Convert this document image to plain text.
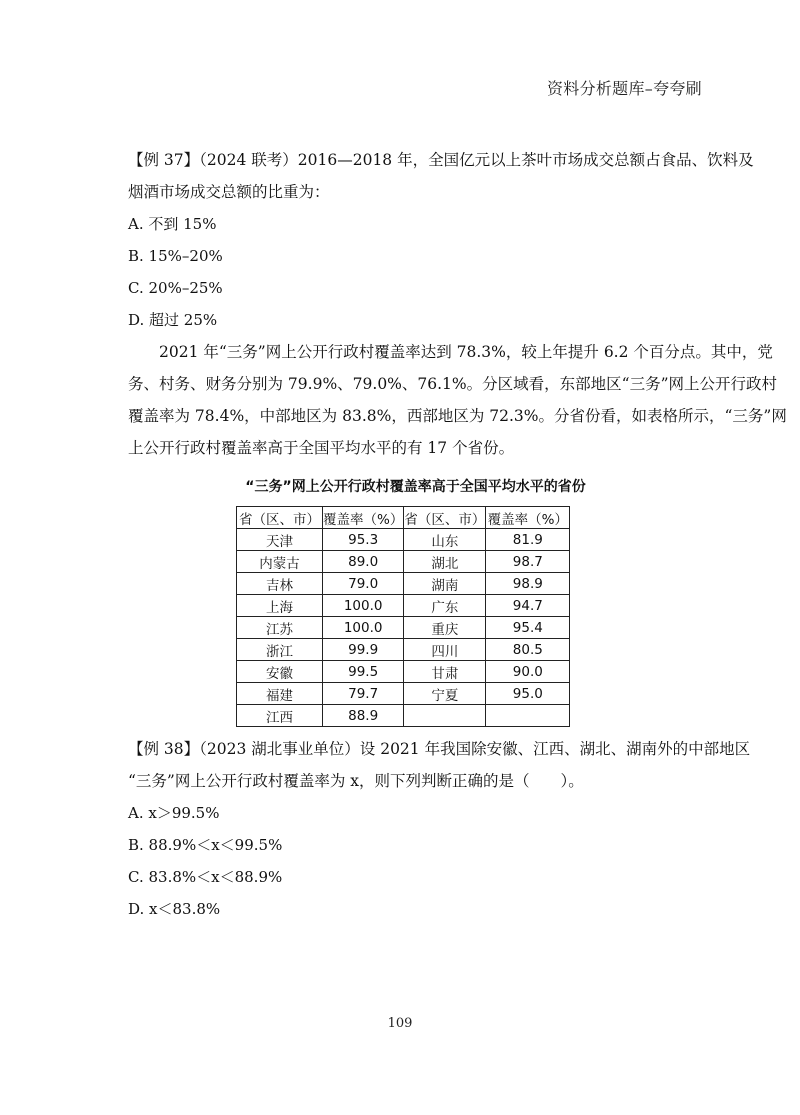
资料分析题库–夸夸刷

【例 37】（2024 联考）2016—2018 年，全国亿元以上茶叶市场成交总额占食品、饮料及

烟酒市场成交总额的比重为：

A. 不到 15%

B. 15%–20%

C. 20%–25%

D. 超过 25%

2021 年“三务”网上公开行政村覆盖率达到 78.3%，较上年提升 6.2 个百分点。其中，党
务、村务、财务分别为 79.9%、79.0%、76.1%。分区域看，东部地区“三务”网上公开行政村
覆盖率为 78.4%，中部地区为 83.8%，西部地区为 72.3%。分省份看，如表格所示，“三务”网
上公开行政村覆盖率高于全国平均水平的有 17 个省份。
“三务”网上公开行政村覆盖率高于全国平均水平的省份
省（区、市）	覆盖率（%）	省（区、市）	覆盖率（%）
天津	95.3	山东	81.9
内蒙古	89.0	湖北	98.7
吉林	79.0	湖南	98.9
上海	100.0	广东	94.7
江苏	100.0	重庆	95.4
浙江	99.9	四川	80.5
安徽	99.5	甘肃	90.0
福建	79.7	宁夏	95.0
江西	88.9		

【例 38】（2023 湖北事业单位）设 2021 年我国除安徽、江西、湖北、湖南外的中部地区

“三务”网上公开行政村覆盖率为 x，则下列判断正确的是（　　）。

A. x＞99.5%

B. 88.9%＜x＜99.5%

C. 83.8%＜x＜88.9%

D. x＜83.8%

109
